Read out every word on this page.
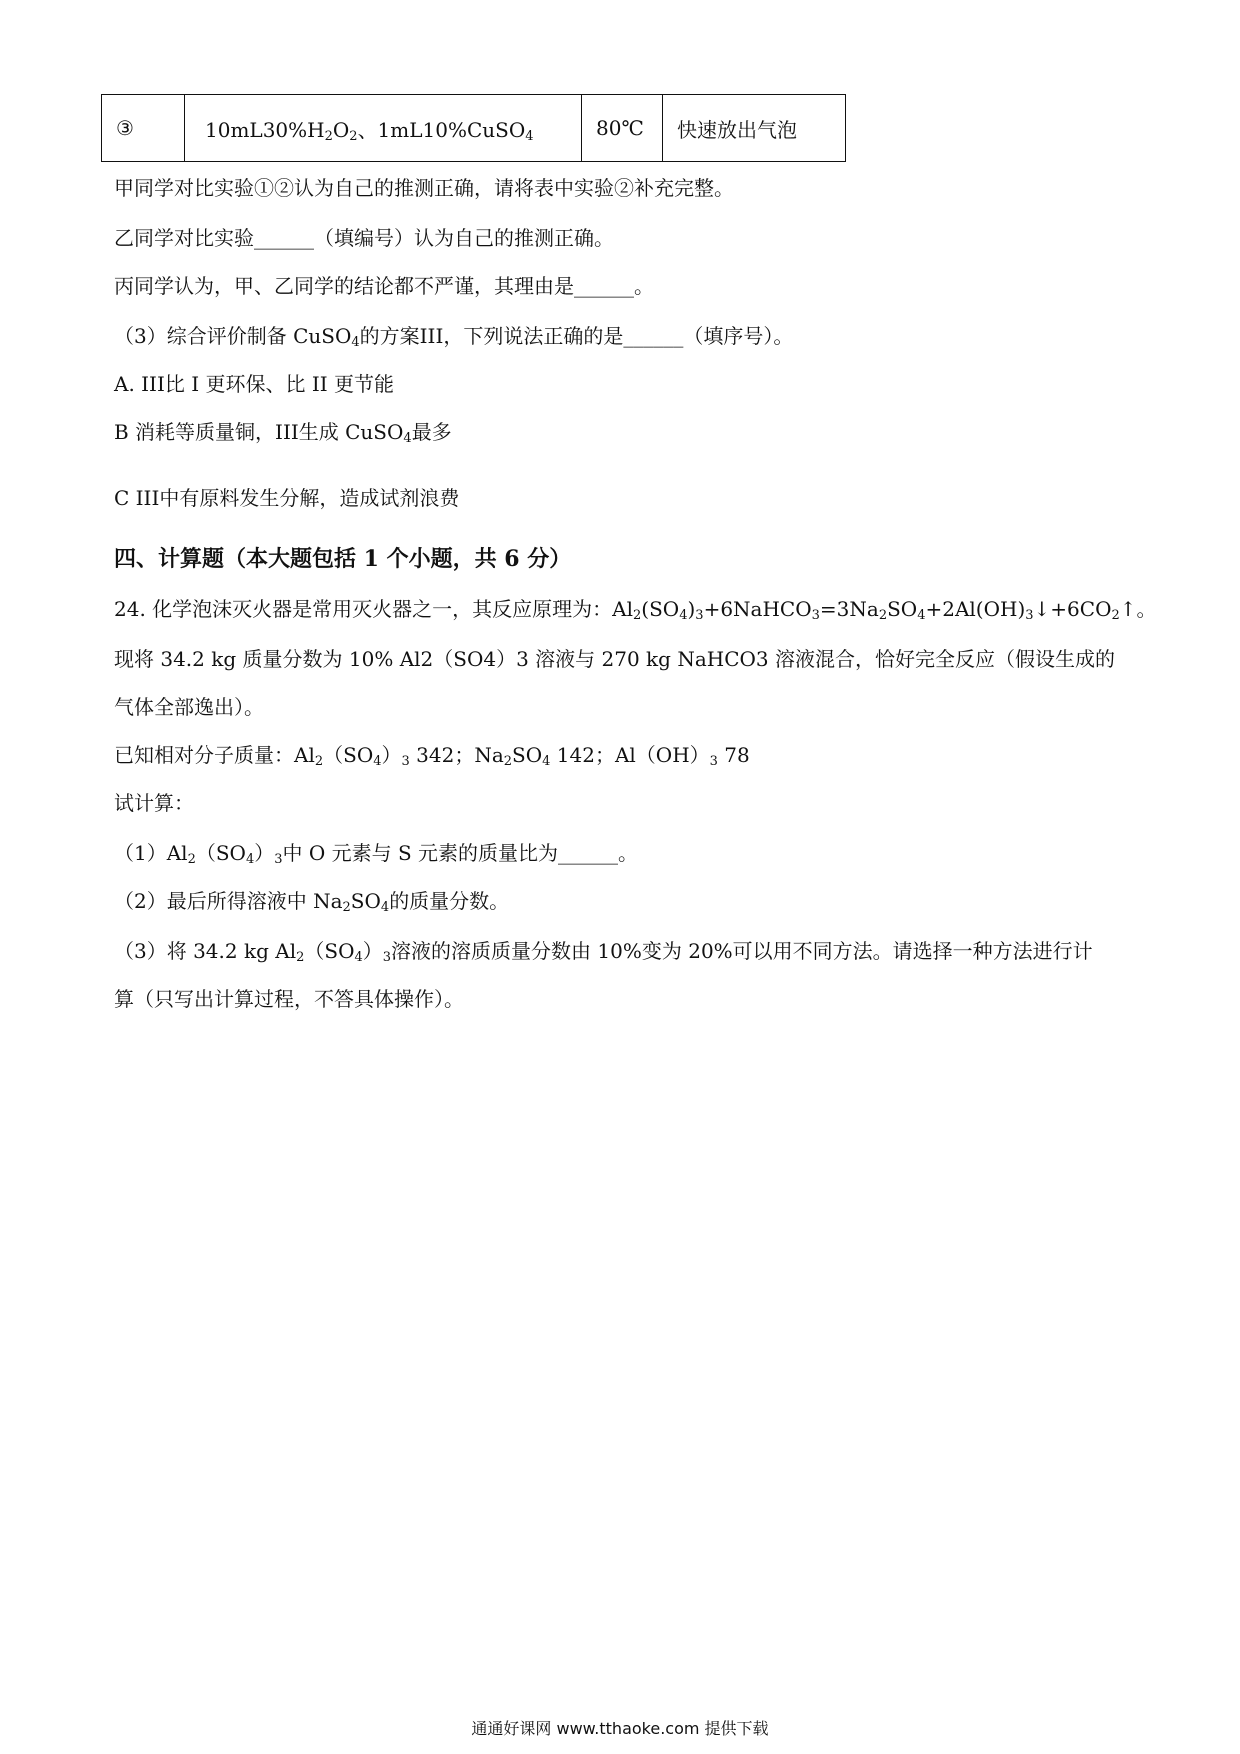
③	$10mL30\%H_2O_2$、1mL10%CuSO$_4$	80℃	快速放出气泡
甲同学对比实验①②认为自己的推测正确，请将表中实验②补充完整。
乙同学对比实验______（填编号）认为自己的推测正确。
丙同学认为，甲、乙同学的结论都不严谨，其理由是______。
（3）综合评价制备 CuSO$_4$的方案III，下列说法正确的是______（填序号）。
A. III比 I 更环保、比 II 更节能
B 消耗等质量铜，III生成 CuSO$_4$最多
C III中有原料发生分解，造成试剂浪费
四、计算题（本大题包括 1 个小题，共 6 分）
24. 化学泡沫灭火器是常用灭火器之一，其反应原理为：$Al_2(SO_4)_3+6NaHCO_3=3Na_2SO_4+2Al(OH)_3↓+6CO_2↑$。
现将 34.2 kg 质量分数为 10% Al2（SO4）3 溶液与 270 kg NaHCO3 溶液混合，恰好完全反应（假设生成的
气体全部逸出）。
已知相对分子质量：$Al_2(SO_4)_3$ 342；$Na_2SO_4$ 142；$Al(OH)_3$ 78
试计算：
$(1)Al_2(SO_4)_3$中 O 元素与 S 元素的质量比为______。
（2）最后所得溶液中 $Na_2SO_4$的质量分数。
（3）将 34.2 kg $Al_2(SO_4)_3$溶液的溶质质量分数由 10%变为 20%可以用不同方法。请选择一种方法进行计
算（只写出计算过程，不答具体操作）。
通通好课网 www.tthaoke.com 提供下载
